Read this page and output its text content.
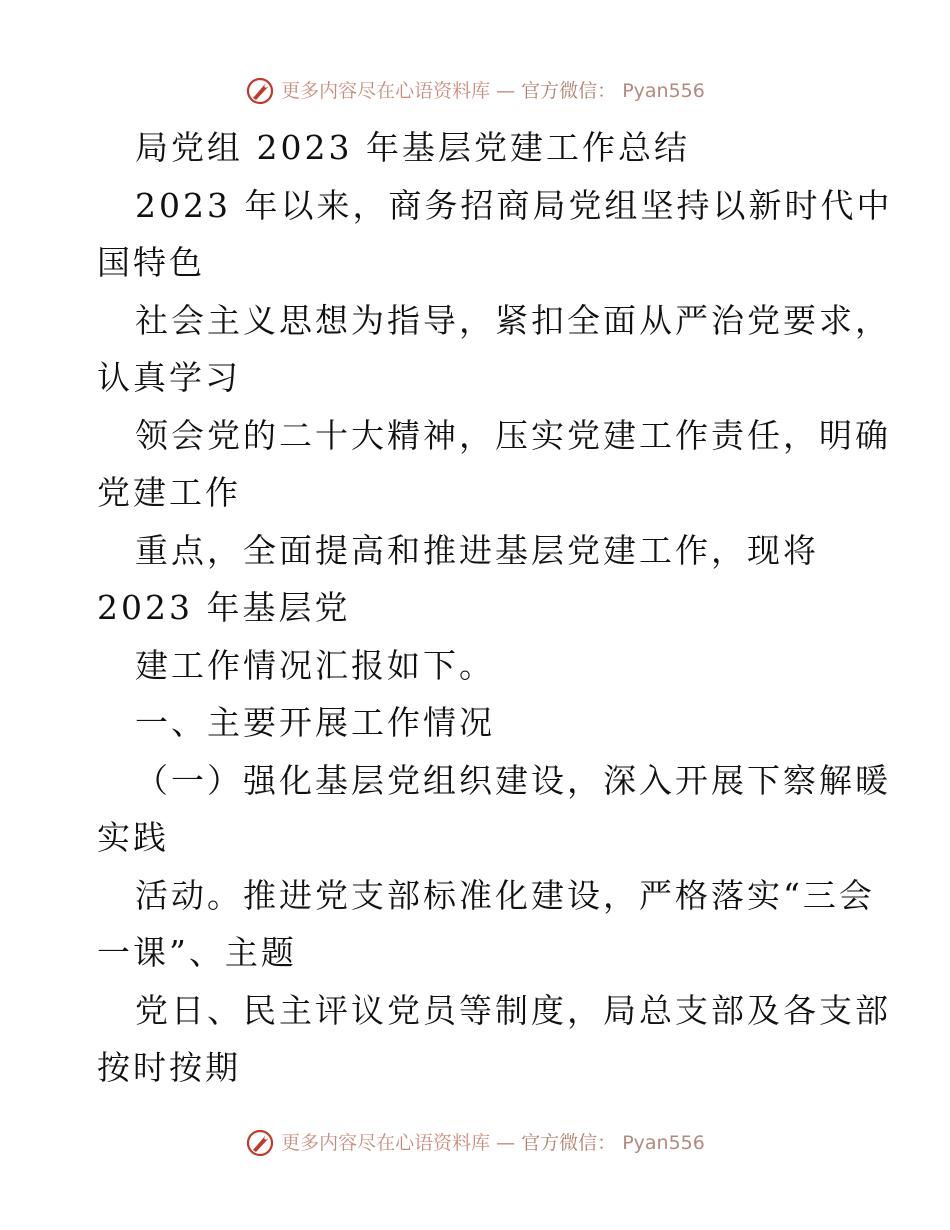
更多内容尽在心语资料库 — 官方微信： Pyan556
局党组 2023 年基层党建工作总结
2023 年以来，商务招商局党组坚持以新时代中
国特色
社会主义思想为指导，紧扣全面从严治党要求，
认真学习
领会党的二十大精神，压实党建工作责任，明确
党建工作
重点，全面提高和推进基层党建工作，现将
2023 年基层党
建工作情况汇报如下。
一、主要开展工作情况
（一）强化基层党组织建设，深入开展下察解暖
实践
活动。推进党支部标准化建设，严格落实“三会
一课”、主题
党日、民主评议党员等制度，局总支部及各支部
按时按期
更多内容尽在心语资料库 — 官方微信： Pyan556
